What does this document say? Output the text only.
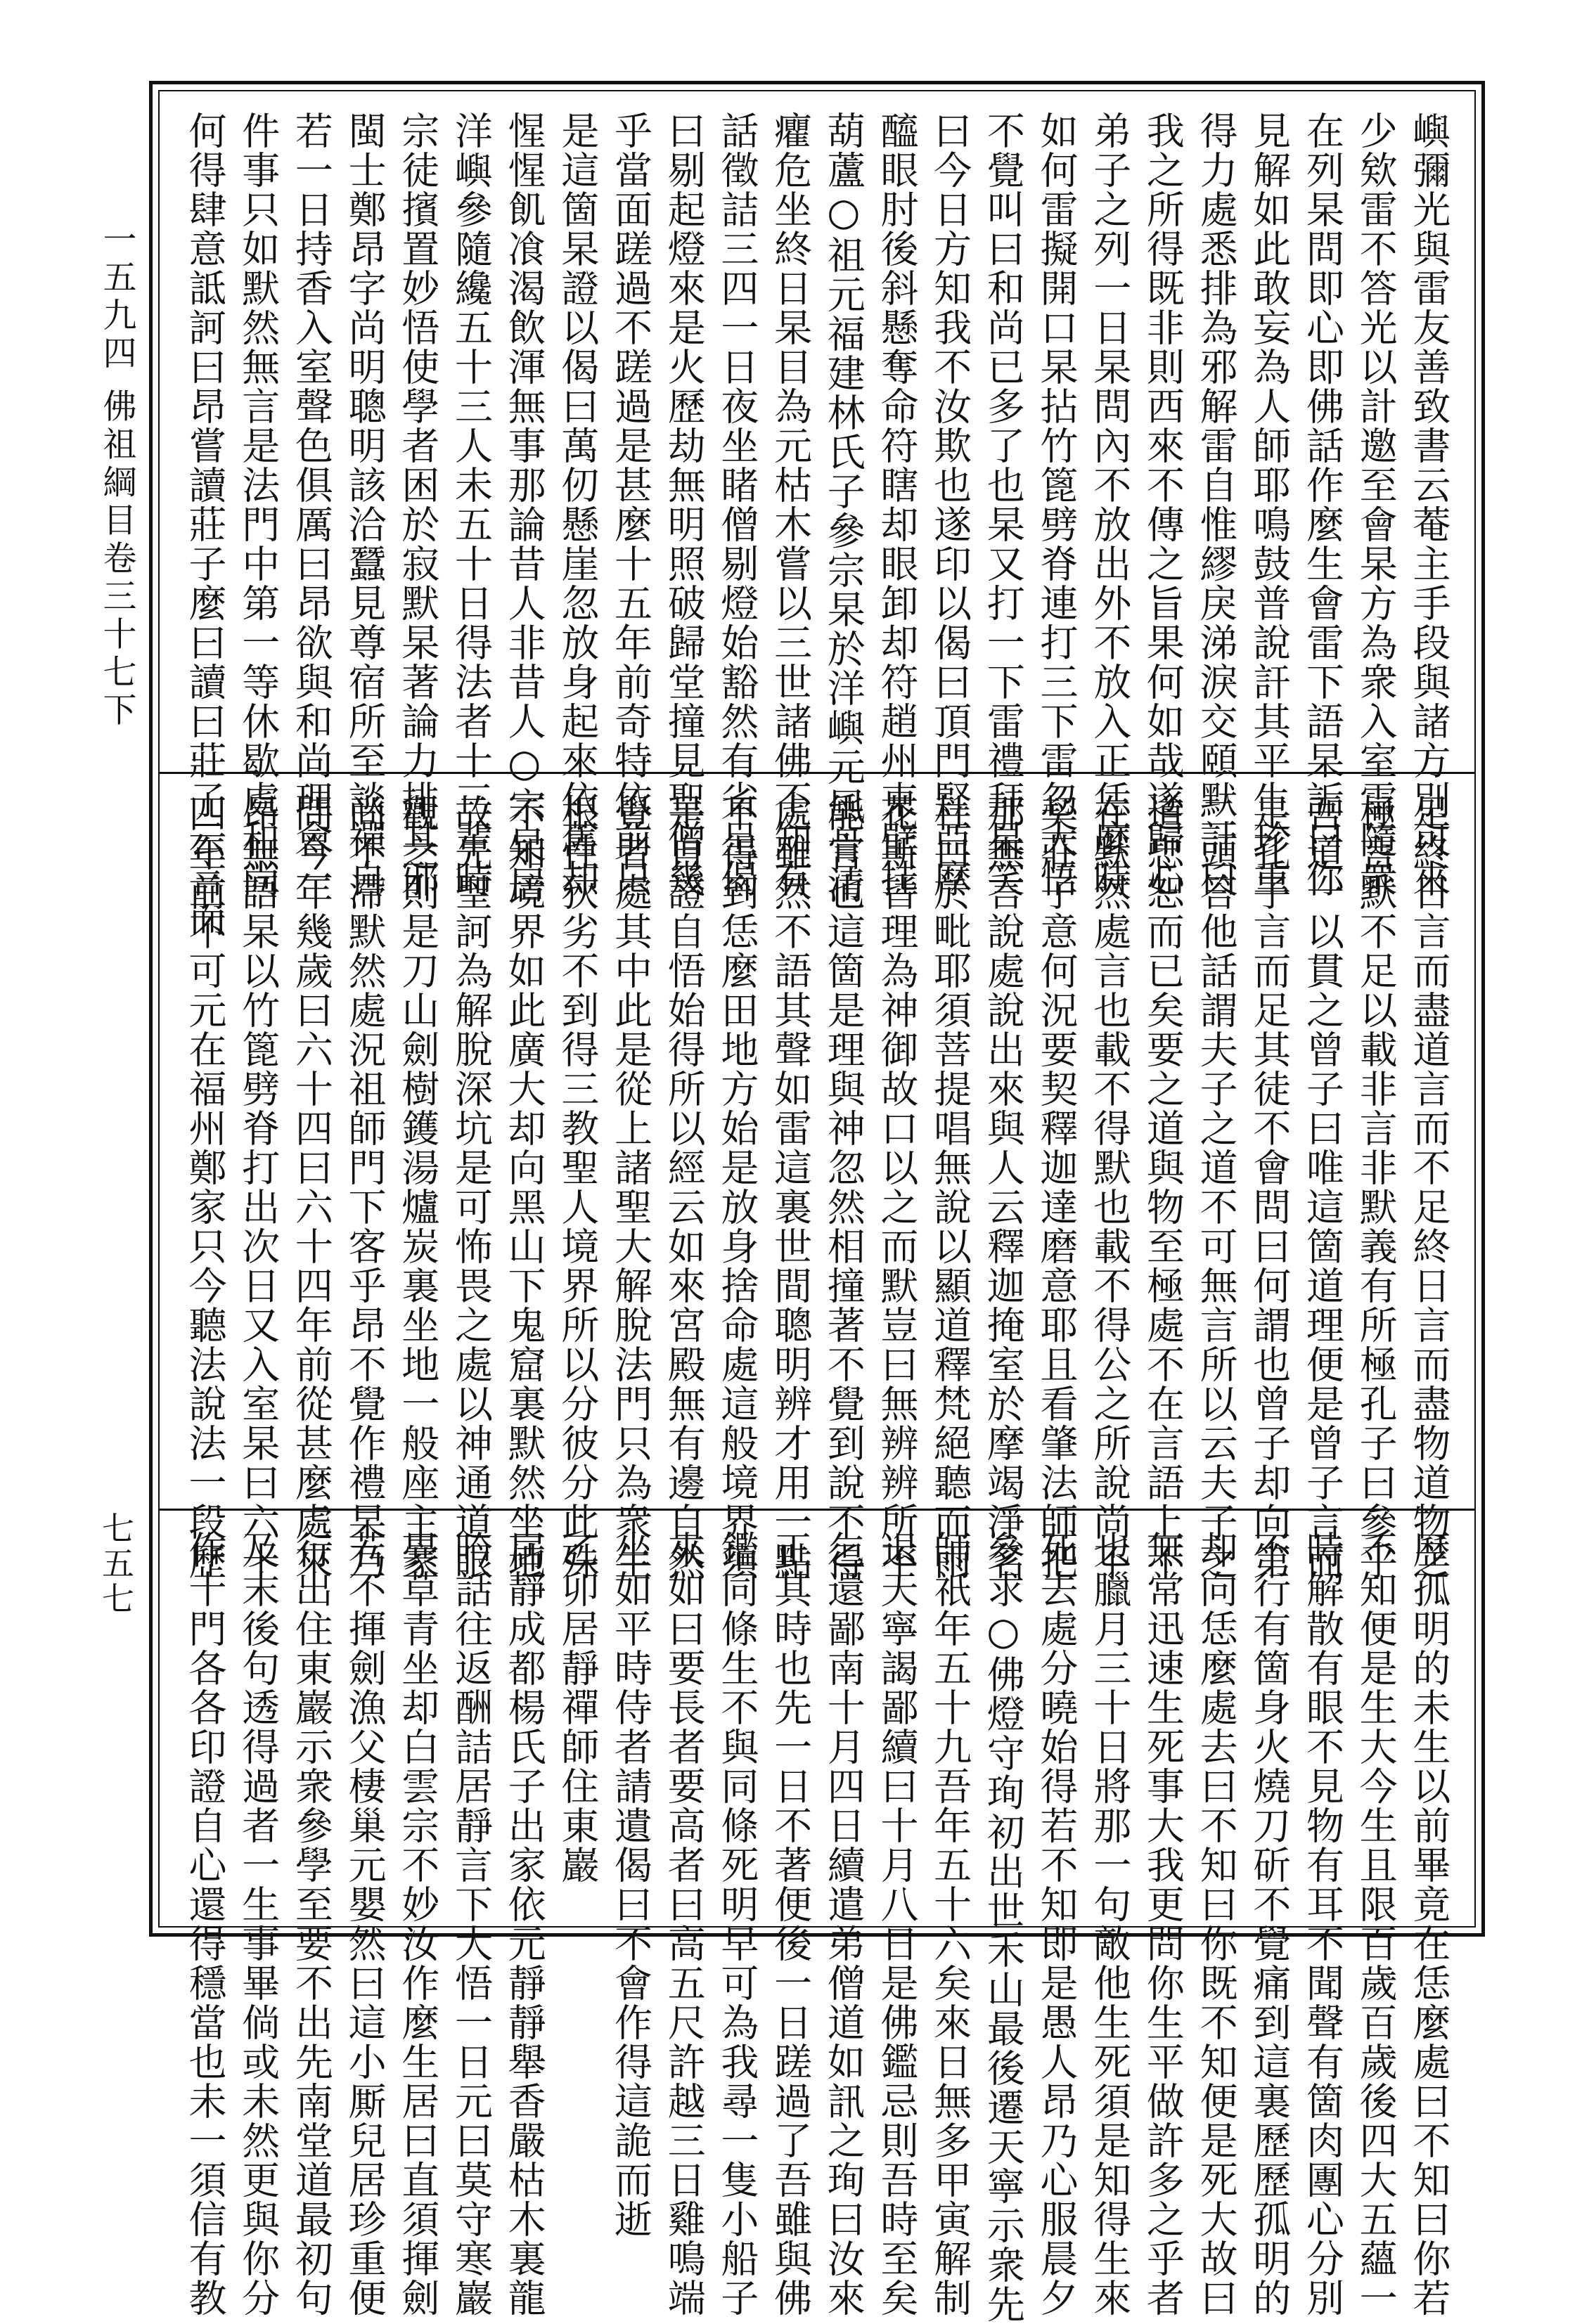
嶼彌光與雷友善致書云菴主手段與諸方別可來
少欸雷不答光以計邀至會杲方為衆入室雷隨衆
在列杲問即心即佛話作麼生會雷下語杲詬曰你
見解如此敢妄為人師耶鳴鼓普說訐其平生珍重
得力處悉排為邪解雷自惟繆戾涕淚交頤默計曰
我之所得既非則西來不傳之旨果何如哉遂歸心
弟子之列一日杲問內不放出外不放入正恁麼時
如何雷擬開口杲拈竹篦劈脊連打三下雷忽大悟
不覺叫曰和尚已多了也杲又打一下雷禮拜杲笑
曰今日方知我不汝欺也遂印以偈曰頂門竪亞摩
醯眼肘後斜懸奪命符瞎却眼卸却符趙州東壁挂
葫蘆○祖元福建林氏子參宗杲於洋嶼元風骨清
癯危坐終日杲目為元枯木嘗以三世諸佛不知有
話徵詰三四一日夜坐睹僧剔燈始豁然有省呈偈
曰剔起燈來是火歷劫無明照破歸堂撞見聖僧幾
乎當面蹉過不蹉過是甚麼十五年前奇特依前只
是這箇杲證以偈曰萬仞懸崖忽放身起來依舊却
惺惺飢飡渴飲渾無事那論昔人非昔人○宗杲居
洋嶼參隨纔五十三人未五十日得法者十三輩時
宗徒擯置妙悟使學者困於寂默杲著論力排其邪
閩士鄭昂字尚明聰明該洽蠶見尊宿所至談禪自
若一日持香入室聲色俱厲曰昂欲與和尚理會一
件事只如默然無言是法門中第一等休歇處和尚
何得肆意詆訶曰昂嘗讀莊子麼曰讀曰莊子云言而
足終日言而盡道言而不足終日言而盡物道物之
極言默不足以載非言非默義有所極孔子曰參乎
吾道一以貫之曾子曰唯這箇道理便是曾子言而
足孔子言而足其徒不會問曰何謂也曾子却向第
二頭答他話謂夫子之道不可無言所以云夫子之
道忠恕而已矣要之道與物至極處不在言語上不
在默然處言也載不得默也載不得公之所說尚不
契莊子意何況要契釋迦達磨意耶且看肇法師把
那無言說處說出來與人云釋迦掩室於摩竭淨名
杜口於毗耶須菩提唱無說以顯道釋梵絕聽而雨
花斯皆理為神御故口以之而默豈曰無辨辨所不
能言也這箇是理與神忽然相撞著不覺到說不得
處雖然不語其聲如雷這裏世間聰明辨才用一點
不得到恁麼田地方始是放身捨命處這般境界須
是自證自悟始得所以經云如來宮殿無有邊自然
覺者處其中此是從上諸聖大解脫法門只為衆生
根性狹劣不到得三教聖人境界所以分彼分此殊
不知境界如此廣大却向黑山下鬼窟裏默然坐地
故先聖訶為解脫深坑是可怖畏之處以神通道眼
觀之則是刀山劍樹鑊湯爐炭裏坐地一般座主家
尚不滯默然處況祖師門下客乎昂不覺作禮杲乃
問今年幾歲曰六十四曰六十四年前從甚麼處來
昂無語杲以竹篦劈脊打出次日又入室杲曰六十
四年前不可元在福州鄭家只今聽法說法一段歷
歷孤明的未生以前畢竟在恁麼處曰不知曰你若
不知便是生大今生且限百歲百歲後四大五蘊一
時解散有眼不見物有耳不聞聲有箇肉團心分別
不行有箇身火燒刀斫不覺痛到這裏歷歷孤明的
却向恁麼處去曰不知曰你既不知便是死大故曰
無常迅速生死事大我更問你生平做許多之乎者
也臘月三十日將那一句敵他生死須是知得生來
死去處分曉始得若不知即是愚人昂乃心服晨夕
參求○佛燈守珣初出世禾山最後遷天寧示衆先
師祇年五十九吾年五十六矣來日無多甲寅解制
退天寧謁鄙續曰十月八日是佛鑑忌則吾時至矣
乞還鄙南十月四日續遣弟僧道如訊之珣曰汝來
正其時也先一日不著便後一日蹉過了吾雖與佛
鑑同條生不與同條死明早可為我尋一隻小船子
來如曰要長者要高者曰高五尺許越三日雞鳴端
坐如平時侍者請遺偈曰不會作得這詭而逝
乙卯居靜禪師住東巖
居靜成都楊氏子出家依元靜靜舉香嚴枯木裏龍
吟話往返酬詰居靜言下大悟一日元曰莫守寒巖
異草青坐却白雲宗不妙汝作麼生居曰直須揮劍
若不揮劍漁父棲巢元嬰然曰這小厮兒居珍重便
行出住東巖示衆參學至要不出先南堂道最初句
及末後句透得過者一生事畢倘或未然更與你分
作十門各各印證自心還得穩當也未一須信有教
一五九四 佛祖綱目卷三十七下
七五七
